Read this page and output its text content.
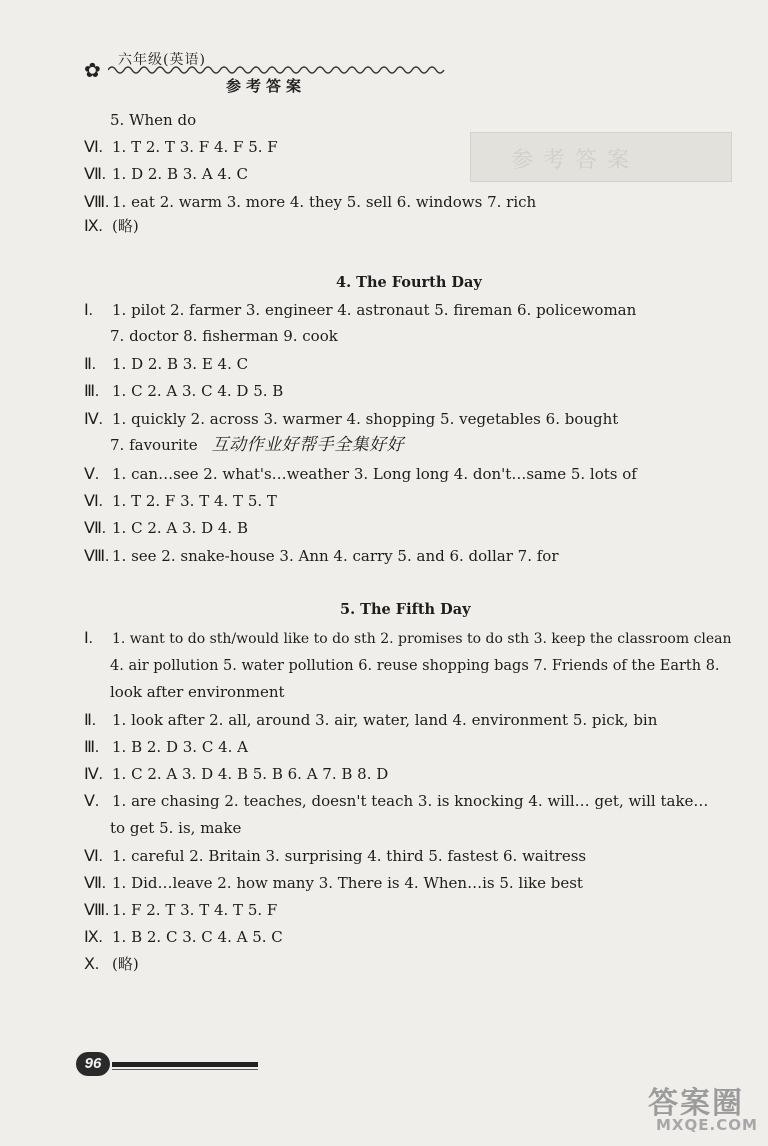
参考答案
✿ 六年级(英语)
参考答案
5. When do
Ⅵ. 1. T 2. T 3. F 4. F 5. F
Ⅶ. 1. D 2. B 3. A 4. C
Ⅷ. 1. eat 2. warm 3. more 4. they 5. sell 6. windows 7. rich
Ⅸ. (略)
4. The Fourth Day
Ⅰ. 1. pilot 2. farmer 3. engineer 4. astronaut 5. fireman 6. policewoman
7. doctor 8. fisherman 9. cook
Ⅱ. 1. D 2. B 3. E 4. C
Ⅲ. 1. C 2. A 3. C 4. D 5. B
Ⅳ. 1. quickly 2. across 3. warmer 4. shopping 5. vegetables 6. bought
7. favourite 互动作业好帮手全集好好
Ⅴ. 1. can…see 2. what's…weather 3. Long long 4. don't…same 5. lots of
Ⅵ. 1. T 2. F 3. T 4. T 5. T
Ⅶ. 1. C 2. A 3. D 4. B
Ⅷ. 1. see 2. snake-house 3. Ann 4. carry 5. and 6. dollar 7. for
5. The Fifth Day
Ⅰ. 1. want to do sth/would like to do sth 2. promises to do sth 3. keep the classroom clean
4. air pollution 5. water pollution 6. reuse shopping bags 7. Friends of the Earth 8.
look after environment
Ⅱ. 1. look after 2. all, around 3. air, water, land 4. environment 5. pick, bin
Ⅲ. 1. B 2. D 3. C 4. A
Ⅳ. 1. C 2. A 3. D 4. B 5. B 6. A 7. B 8. D
Ⅴ. 1. are chasing 2. teaches, doesn't teach 3. is knocking 4. will… get, will take…
to get 5. is, make
Ⅵ. 1. careful 2. Britain 3. surprising 4. third 5. fastest 6. waitress
Ⅶ. 1. Did…leave 2. how many 3. There is 4. When…is 5. like best
Ⅷ. 1. F 2. T 3. T 4. T 5. F
Ⅸ. 1. B 2. C 3. C 4. A 5. C
Ⅹ. (略)
96
答案圈
MXQE.COM
